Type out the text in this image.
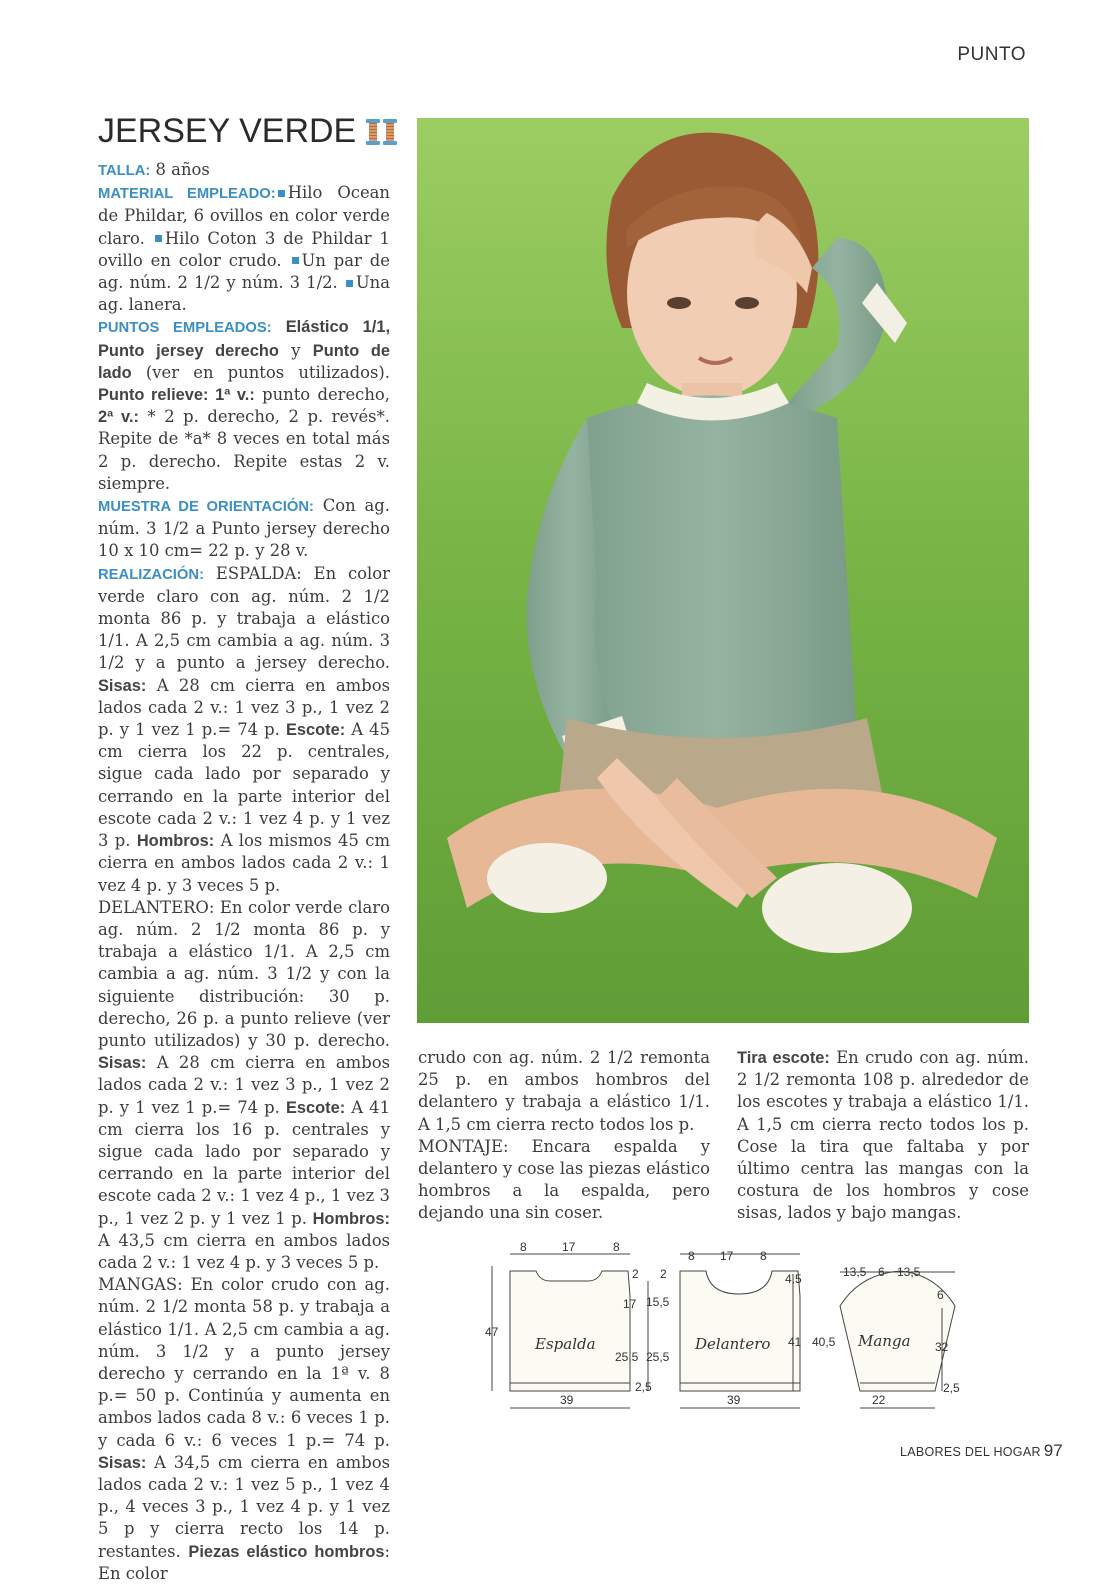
PUNTO
JERSEY VERDE

TALLA: 8 años

MATERIAL EMPLEADO: Hilo Ocean de Phildar, 6 ovillos en color verde claro. Hilo Coton 3 de Phildar 1 ovillo en color crudo. Un par de ag. núm. 2 1/2 y núm. 3 1/2. Una ag. lanera.

PUNTOS EMPLEADOS: Elástico 1/1, Punto jersey derecho y Punto de lado (ver en puntos utilizados). Punto relieve: 1ª v.: punto derecho, 2ª v.: * 2 p. derecho, 2 p. revés*. Repite de *a* 8 veces en total más 2 p. derecho. Repite estas 2 v. siempre.

MUESTRA DE ORIENTACIÓN: Con ag. núm. 3 1/2 a Punto jersey derecho 10 x 10 cm= 22 p. y 28 v.

REALIZACIÓN: ESPALDA: En color verde claro con ag. núm. 2 1/2 monta 86 p. y trabaja a elástico 1/1. A 2,5 cm cambia a ag. núm. 3 1/2 y a punto a jersey derecho. Sisas: A 28 cm cierra en ambos lados cada 2 v.: 1 vez 3 p., 1 vez 2 p. y 1 vez 1 p.= 74 p. Escote: A 45 cm cierra los 22 p. centrales, sigue cada lado por separado y cerrando en la parte interior del escote cada 2 v.: 1 vez 4 p. y 1 vez 3 p. Hombros: A los mismos 45 cm cierra en ambos lados cada 2 v.: 1 vez 4 p. y 3 veces 5 p.

DELANTERO: En color verde claro ag. núm. 2 1/2 monta 86 p. y trabaja a elástico 1/1. A 2,5 cm cambia a ag. núm. 3 1/2 y con la siguiente distribución: 30 p. derecho, 26 p. a punto relieve (ver punto utilizados) y 30 p. derecho. Sisas: A 28 cm cierra en ambos lados cada 2 v.: 1 vez 3 p., 1 vez 2 p. y 1 vez 1 p.= 74 p. Escote: A 41 cm cierra los 16 p. centrales y sigue cada lado por separado y cerrando en la parte interior del escote cada 2 v.: 1 vez 4 p., 1 vez 3 p., 1 vez 2 p. y 1 vez 1 p. Hombros: A 43,5 cm cierra en ambos lados cada 2 v.: 1 vez 4 p. y 3 veces 5 p.

MANGAS: En color crudo con ag. núm. 2 1/2 monta 58 p. y trabaja a elástico 1/1. A 2,5 cm cambia a ag. núm. 3 1/2 y a punto jersey derecho y cerrando en la 1ª v. 8 p.= 50 p. Continúa y aumenta en ambos lados cada 8 v.: 6 veces 1 p. y cada 6 v.: 6 veces 1 p.= 74 p. Sisas: A 34,5 cm cierra en ambos lados cada 2 v.: 1 vez 5 p., 1 vez 4 p., 4 veces 3 p., 1 vez 4 p. y 1 vez 5 p y cierra recto los 14 p. restantes. Piezas elástico hombros: En color

crudo con ag. núm. 2 1/2 remonta 25 p. en ambos hombros del delantero y trabaja a elástico 1/1. A 1,5 cm cierra recto todos los p.

MONTAJE: Encara espalda y delantero y cose las piezas elástico hombros a la espalda, pero dejando una sin coser.

Tira escote: En crudo con ag. núm. 2 1/2 remonta 108 p. alrededor de los escotes y trabaja a elástico 1/1. A 1,5 cm cierra recto todos los p. Cose la tira que faltaba y por último centra las mangas con la costura de los hombros y cose sisas, lados y bajo mangas.

8	17	8
47
2
17
25,5
2,5
39
Espalda
8 17 8
2
15,5
25,5
4,5
41 40,5
39
Delantero
13,5 6 13,5
6
32
2,5
22
Manga
LABORES DEL HOGAR 97
